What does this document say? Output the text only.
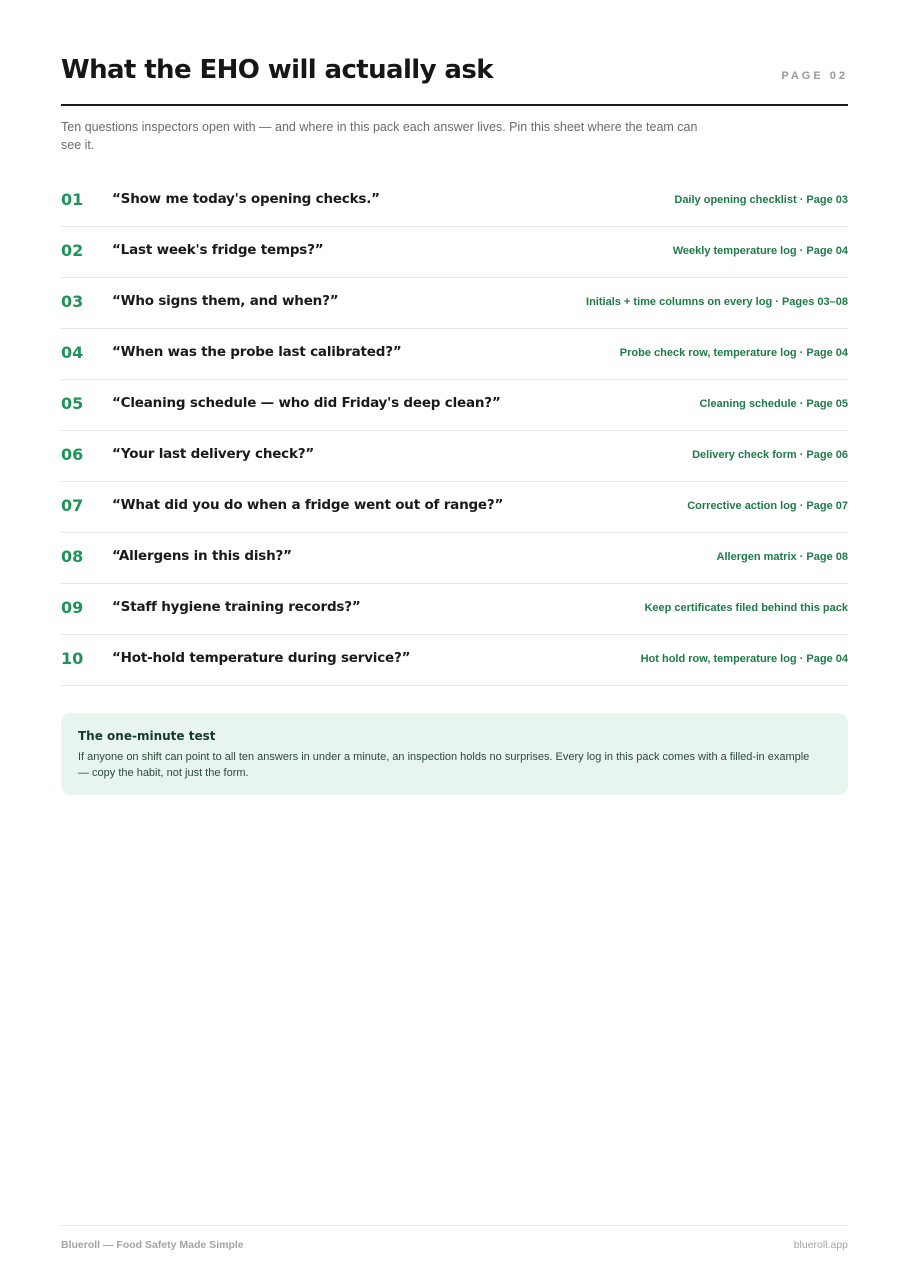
What the EHO will actually ask	PAGE 02

Ten questions inspectors open with — and where in this pack each answer lives. Pin this sheet where the team can see it.

01 “Show me today's opening checks.”	Daily opening checklist · Page 03
02 “Last week's fridge temps?”	Weekly temperature log · Page 04
03 “Who signs them, and when?”	Initials + time columns on every log · Pages 03–08
04 “When was the probe last calibrated?”	Probe check row, temperature log · Page 04
05 “Cleaning schedule — who did Friday's deep clean?”	Cleaning schedule · Page 05
06 “Your last delivery check?”	Delivery check form · Page 06
07 “What did you do when a fridge went out of range?”	Corrective action log · Page 07
08 “Allergens in this dish?”	Allergen matrix · Page 08
09 “Staff hygiene training records?”	Keep certificates filed behind this pack
10 “Hot-hold temperature during service?”	Hot hold row, temperature log · Page 04
The one-minute test

If anyone on shift can point to all ten answers in under a minute, an inspection holds no surprises. Every log in this pack comes with a filled-in example — copy the habit, not just the form.

Blueroll — Food Safety Made Simple	blueroll.app
